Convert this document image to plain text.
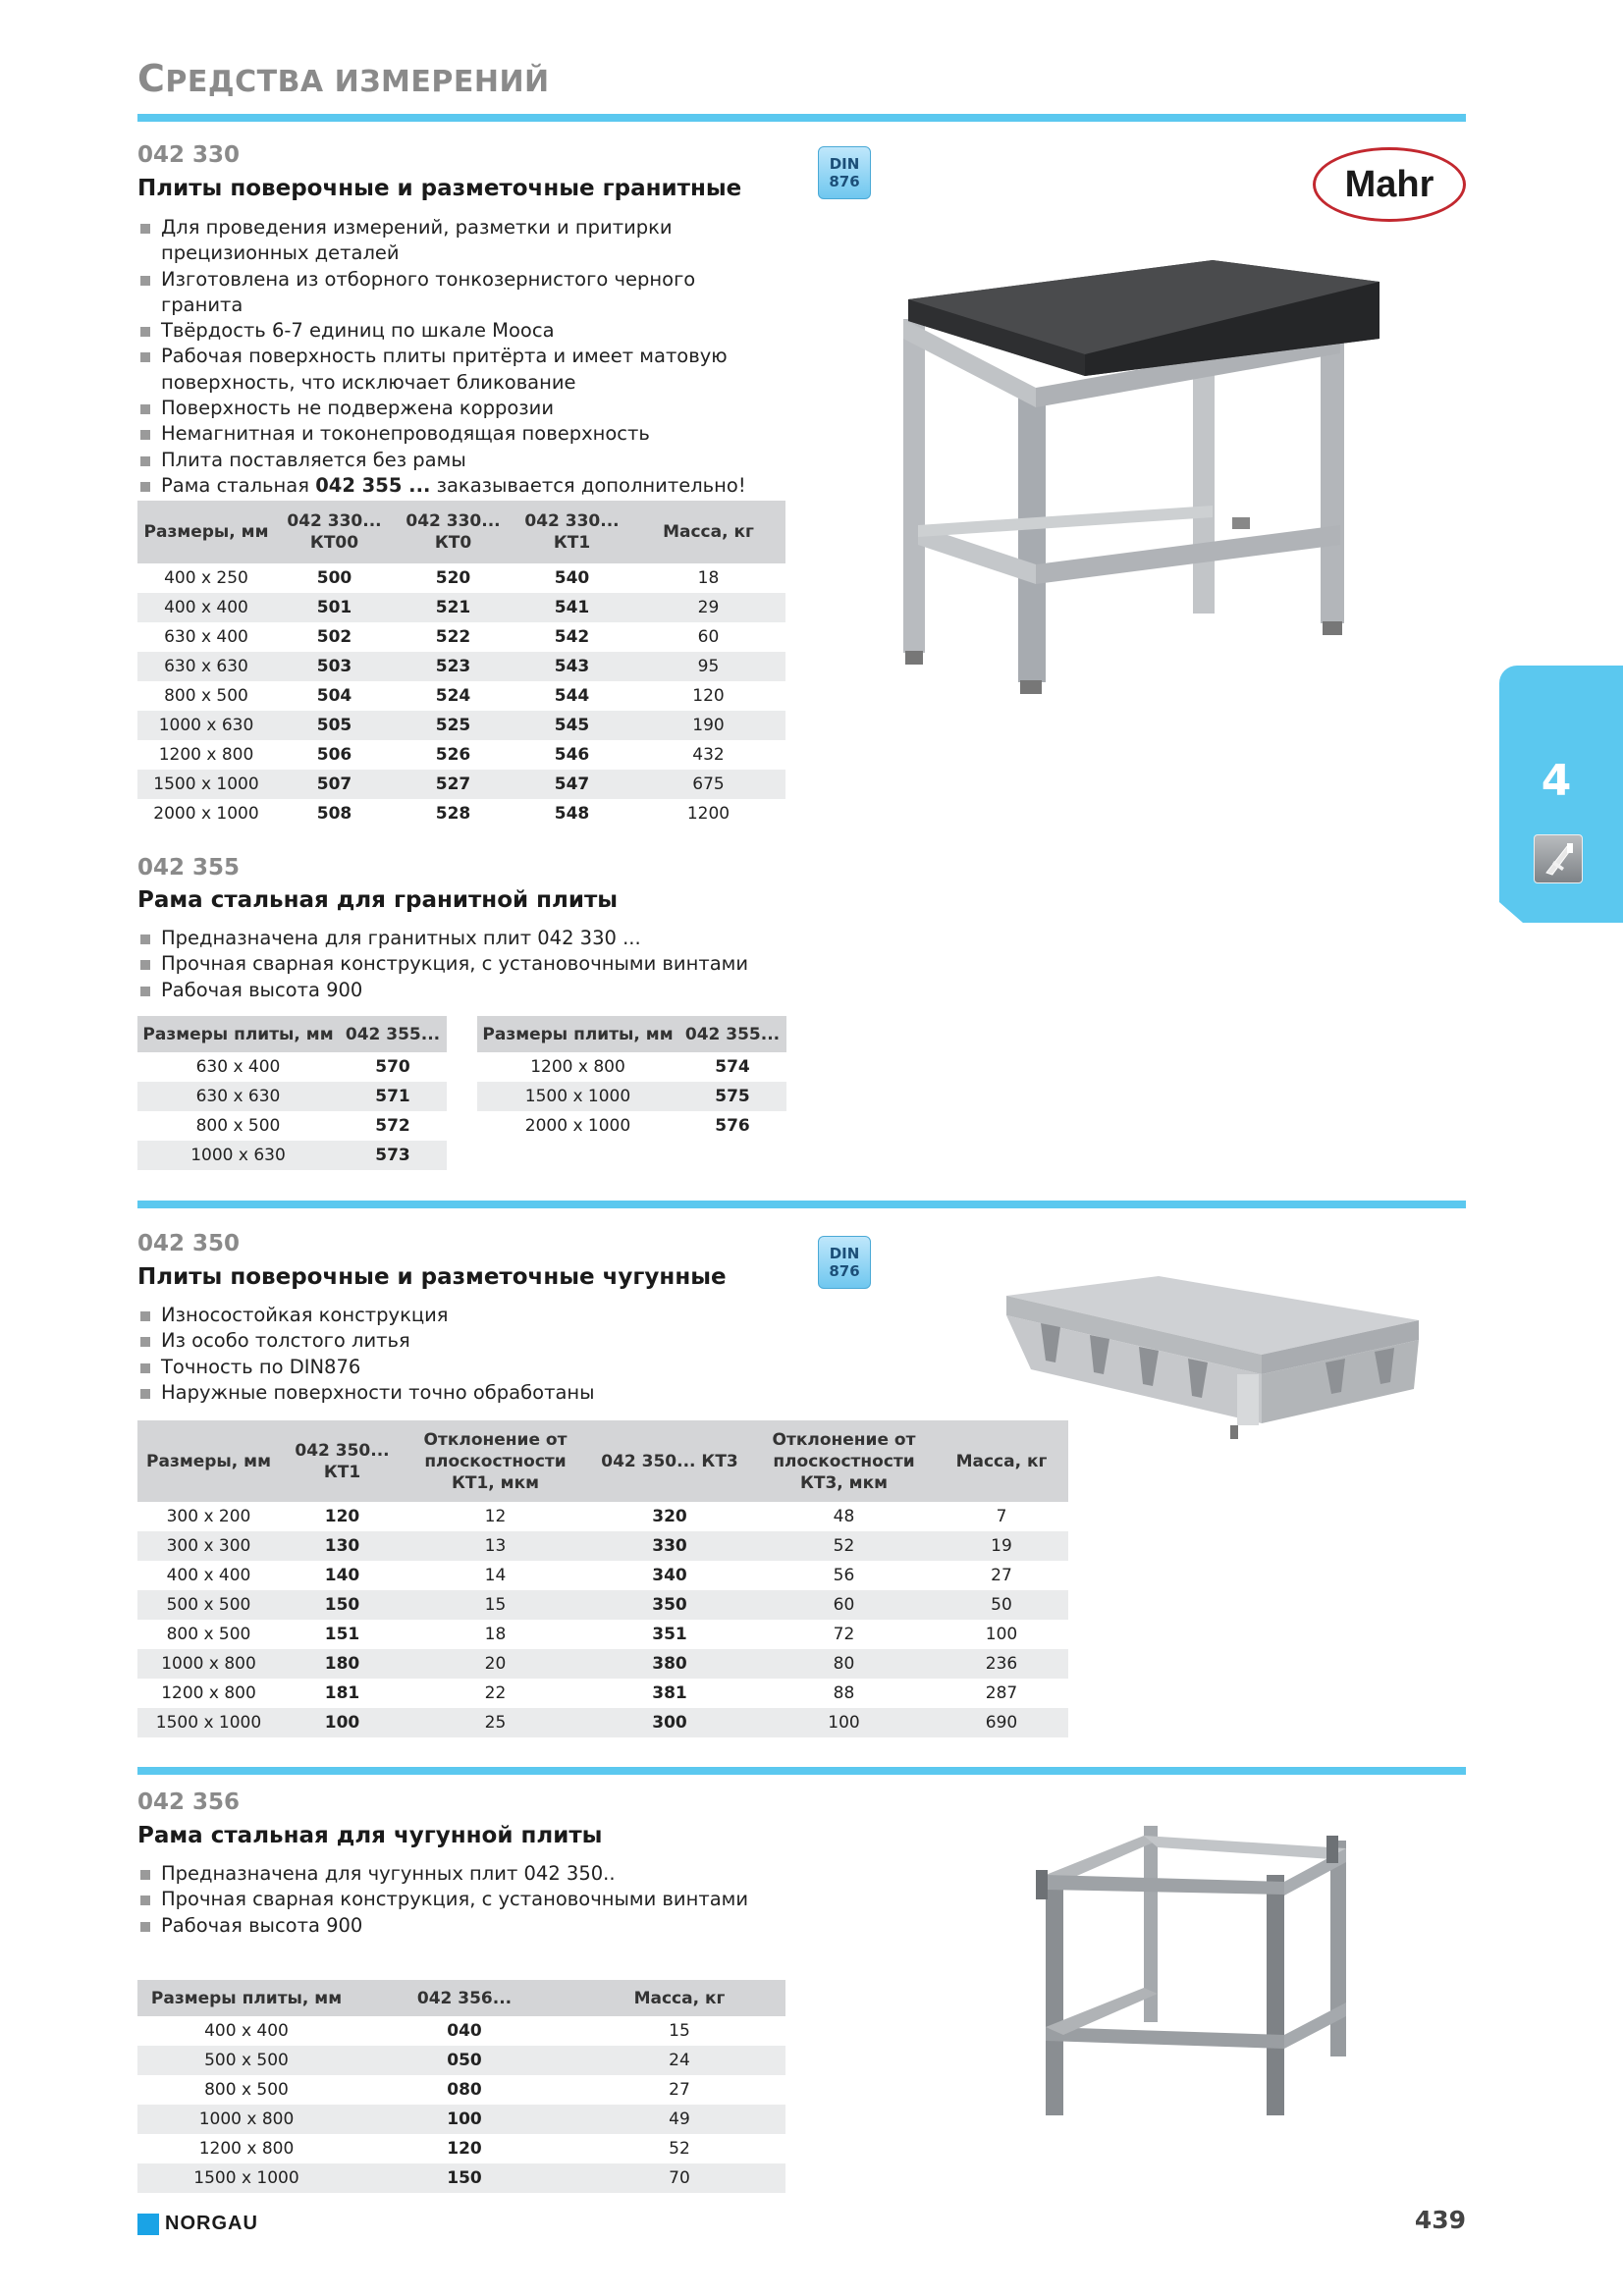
СРЕДСТВА ИЗМЕРЕНИЙ
Mahr
4
042 330
Плиты поверочные и разметочные гранитные
DIN
876
Для проведения измерений, разметки и притирки прецизионных деталей
Изготовлена из отборного тонкозернистого черного гранита
Твёрдость 6-7 единиц по шкале Мооса
Рабочая поверхность плиты притёрта и имеет матовую поверхность, что исключает бликование
Поверхность не подвержена коррозии
Немагнитная и токонепроводящая поверхность
Плита поставляется без рамы
Рама стальная 042 355 ... заказывается дополнительно!
Размеры, мм	042 330... КТ00	042 330... КТ0	042 330... КТ1	Масса, кг
400 x 250	500	520	540	18
400 x 400	501	521	541	29
630 x 400	502	522	542	60
630 x 630	503	523	543	95
800 x 500	504	524	544	120
1000 x 630	505	525	545	190
1200 x 800	506	526	546	432
1500 x 1000	507	527	547	675
2000 x 1000	508	528	548	1200
042 355
Рама стальная для гранитной плиты
Предназначена для гранитных плит 042 330 ...
Прочная сварная конструкция, с установочными винтами
Рабочая высота 900
Размеры плиты, мм	042 355...
630 x 400	570
630 x 630	571
800 x 500	572
1000 x 630	573
Размеры плиты, мм	042 355...
1200 x 800	574
1500 x 1000	575
2000 x 1000	576
042 350
Плиты поверочные и разметочные чугунные
DIN
876
Износостойкая конструкция
Из особо толстого литья
Точность по DIN876
Наружные поверхности точно обработаны
Размеры, мм	042 350... КТ1	Отклонение от плоскостности КТ1, мкм	042 350... КТ3	Отклонение от плоскостности КТ3, мкм	Масса, кг
300 x 200	120	12	320	48	7
300 x 300	130	13	330	52	19
400 x 400	140	14	340	56	27
500 x 500	150	15	350	60	50
800 x 500	151	18	351	72	100
1000 x 800	180	20	380	80	236
1200 x 800	181	22	381	88	287
1500 x 1000	100	25	300	100	690
042 356
Рама стальная для чугунной плиты
Предназначена для чугунных плит 042 350..
Прочная сварная конструкция, с установочными винтами
Рабочая высота 900
Размеры плиты, мм	042 356...	Масса, кг
400 x 400	040	15
500 x 500	050	24
800 x 500	080	27
1000 x 800	100	49
1200 x 800	120	52
1500 x 1000	150	70
NORGAU	439
